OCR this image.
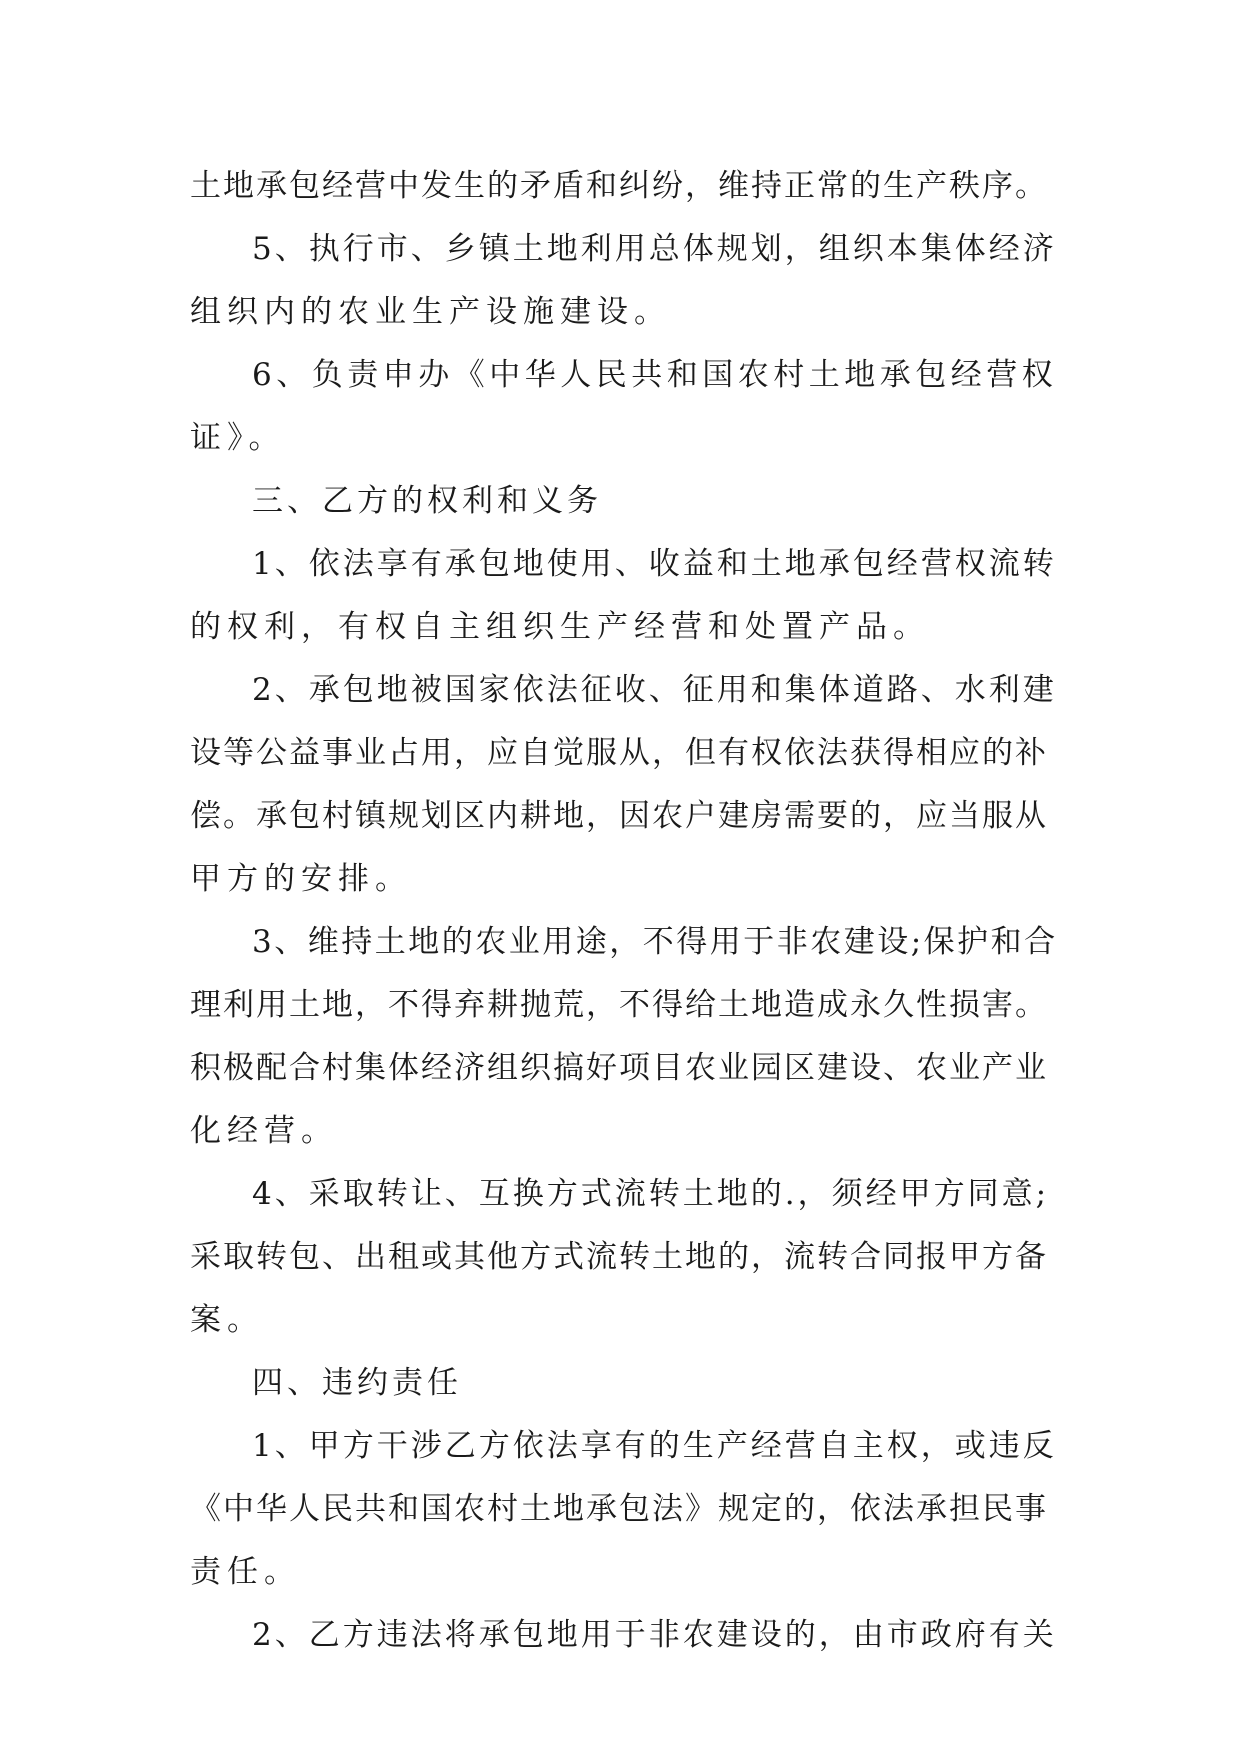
土地承包经营中发生的矛盾和纠纷，维持正常的生产秩序。
5、执行市、乡镇土地利用总体规划，组织本集体经济
组织内的农业生产设施建设。
6、负责申办《中华人民共和国农村土地承包经营权
证》。
三、乙方的权利和义务
1、依法享有承包地使用、收益和土地承包经营权流转
的权利，有权自主组织生产经营和处置产品。
2、承包地被国家依法征收、征用和集体道路、水利建
设等公益事业占用，应自觉服从，但有权依法获得相应的补
偿。承包村镇规划区内耕地，因农户建房需要的，应当服从
甲方的安排。
3、维持土地的农业用途，不得用于非农建设;保护和合
理利用土地，不得弃耕抛荒，不得给土地造成永久性损害。
积极配合村集体经济组织搞好项目农业园区建设、农业产业
化经营。
4、采取转让、互换方式流转土地的.，须经甲方同意;
采取转包、出租或其他方式流转土地的，流转合同报甲方备
案。
四、违约责任
1、甲方干涉乙方依法享有的生产经营自主权，或违反
《中华人民共和国农村土地承包法》规定的，依法承担民事
责任。
2、乙方违法将承包地用于非农建设的，由市政府有关
